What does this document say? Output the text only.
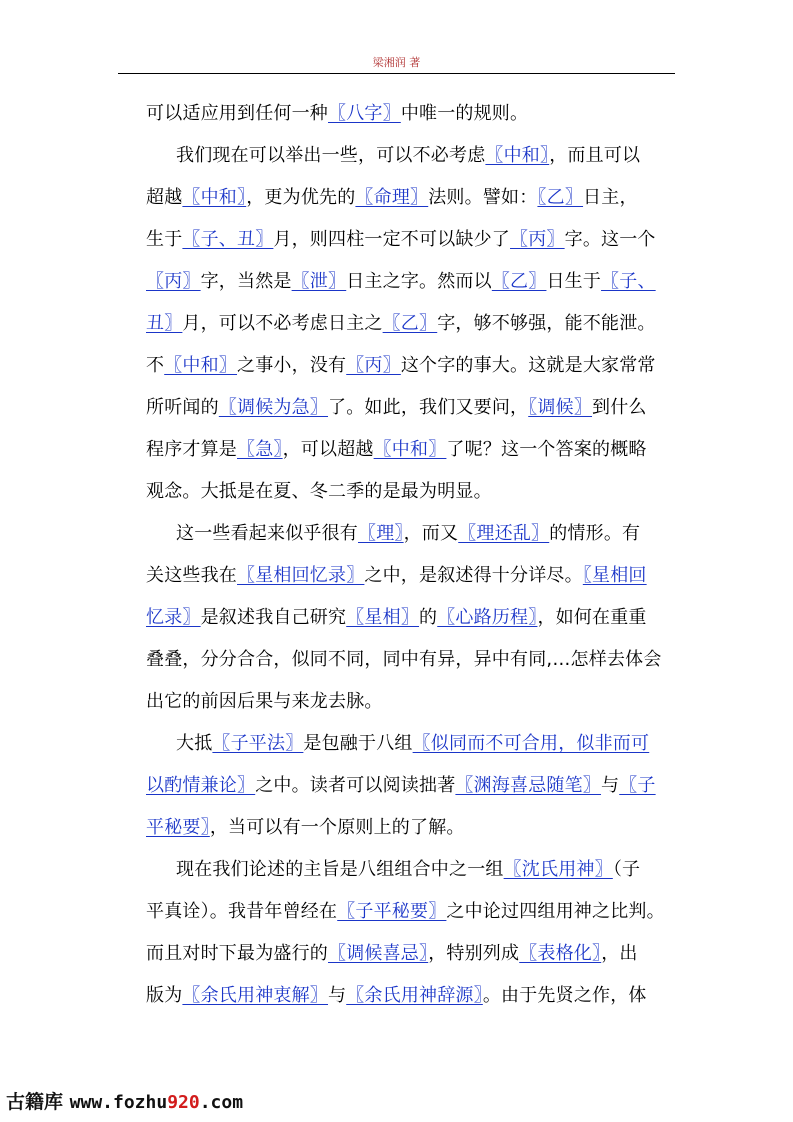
梁湘润 著
可以适应用到任何一种〖八字〗中唯一的规则。
我们现在可以举出一些，可以不必考虑〖中和〗，而且可以
超越〖中和〗，更为优先的〖命理〗法则。譬如：〖乙〗日主，
生于〖子、丑〗月，则四柱一定不可以缺少了〖丙〗字。这一个
〖丙〗字，当然是〖泄〗日主之字。然而以〖乙〗日生于〖子、
丑〗月，可以不必考虑日主之〖乙〗字，够不够强，能不能泄。
不〖中和〗之事小，没有〖丙〗这个字的事大。这就是大家常常
所听闻的〖调候为急〗了。如此，我们又要问，〖调候〗到什么
程序才算是〖急〗，可以超越〖中和〗了呢？这一个答案的概略
观念。大抵是在夏、冬二季的是最为明显。
这一些看起来似乎很有〖理〗，而又〖理还乱〗的情形。有
关这些我在〖星相回忆录〗之中，是叙述得十分详尽。〖星相回
忆录〗是叙述我自己研究〖星相〗的〖心路历程〗，如何在重重
叠叠，分分合合，似同不同，同中有异，异中有同,…怎样去体会
出它的前因后果与来龙去脉。
大抵〖子平法〗是包融于八组〖似同而不可合用，似非而可
以酌情兼论〗之中。读者可以阅读拙著〖渊海喜忌随笔〗与〖子
平秘要〗，当可以有一个原则上的了解。
现在我们论述的主旨是八组组合中之一组〖沈氏用神〗（子
平真诠）。我昔年曾经在〖子平秘要〗之中论过四组用神之比判。
而且对时下最为盛行的〖调候喜忌〗，特别列成〖表格化〗，出
版为〖余氏用神衷解〗与〖余氏用神辞源〗。由于先贤之作，体
古籍库 www.fozhu920.com
